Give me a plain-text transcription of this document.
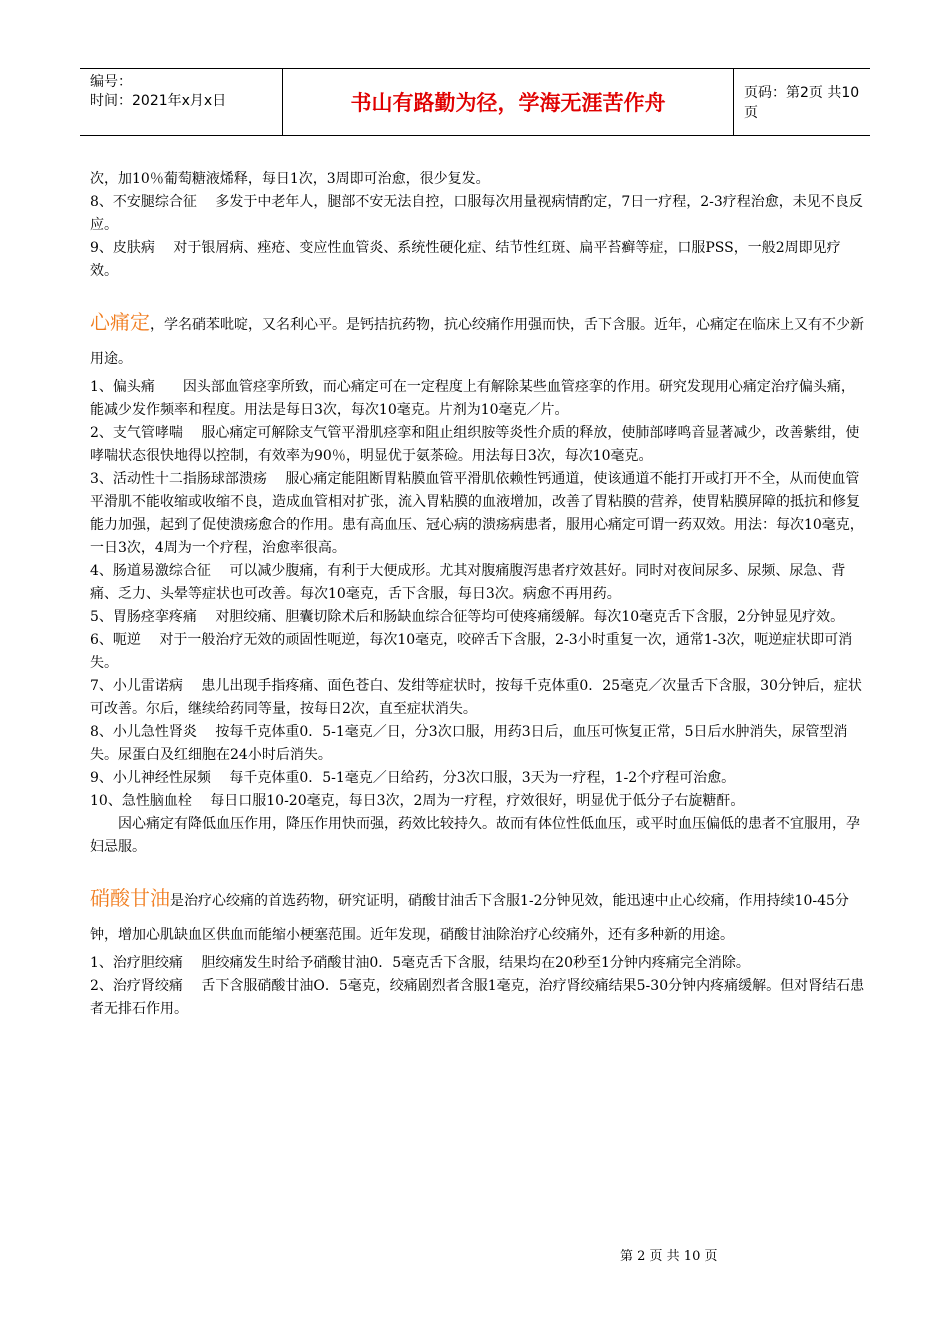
编号：
时间：2021年x月x日	书山有路勤为径，学海无涯苦作舟	页码：第2页 共10页

次，加10％葡萄糖液烯释，每日1次，3周即可治愈，很少复发。

8、不安腿综合征　 多发于中老年人，腿部不安无法自控，口服每次用量视病情酌定，7日一疗程，2-3疗程治愈，未见不良反应。

9、皮肤病　 对于银屑病、痤疮、变应性血管炎、系统性硬化症、结节性红斑、扁平苔癣等症，口服PSS，一般2周即见疗效。

心痛定，学名硝苯吡啶，又名利心平。是钙拮抗药物，抗心绞痛作用强而快，舌下含服。近年，心痛定在临床上又有不少新用途。

1、偏头痛　　因头部血管痉挛所致，而心痛定可在一定程度上有解除某些血管痉挛的作用。研究发现用心痛定治疗偏头痛，能减少发作频率和程度。用法是每日3次，每次10毫克。片剂为10毫克／片。

2、支气管哮喘　 服心痛定可解除支气管平滑肌痉挛和阻止组织胺等炎性介质的释放，使肺部哮鸣音显著减少，改善紫绀，使哮喘状态很快地得以控制，有效率为90％，明显优于氨茶硷。用法每日3次，每次10毫克。

3、活动性十二指肠球部溃疡　 服心痛定能阻断胃粘膜血管平滑肌依赖性钙通道，使该通道不能打开或打开不全，从而使血管平滑肌不能收缩或收缩不良，造成血管相对扩张，流入胃粘膜的血液增加，改善了胃粘膜的营养，使胃粘膜屏障的抵抗和修复能力加强，起到了促使溃疡愈合的作用。患有高血压、冠心病的溃疡病患者，服用心痛定可谓一药双效。用法：每次10毫克，一日3次，4周为一个疗程，治愈率很高。

4、肠道易激综合征　 可以减少腹痛，有利于大便成形。尤其对腹痛腹泻患者疗效甚好。同时对夜间尿多、尿频、尿急、背痛、乏力、头晕等症状也可改善。每次10毫克，舌下含服，每日3次。病愈不再用药。

5、胃肠痉挛疼痛　 对胆绞痛、胆囊切除术后和肠缺血综合征等均可使疼痛缓解。每次10毫克舌下含服，2分钟显见疗效。

6、呃逆　 对于一般治疗无效的顽固性呃逆，每次10毫克，咬碎舌下含服，2-3小时重复一次，通常1-3次，呃逆症状即可消失。

7、小儿雷诺病　 患儿出现手指疼痛、面色苍白、发绀等症状时，按每千克体重0．25毫克／次量舌下含服，30分钟后，症状可改善。尔后，继续给药同等量，按每日2次，直至症状消失。

8、小儿急性肾炎　 按每千克体重0．5-1毫克／日，分3次口服，用药3日后，血压可恢复正常，5日后水肿消失，尿管型消失。尿蛋白及红细胞在24小时后消失。

9、小儿神经性尿频　 每千克体重0．5-1毫克／日给药，分3次口服，3天为一疗程，1-2个疗程可治愈。

10、急性脑血栓　 每日口服10-20毫克，每日3次，2周为一疗程，疗效很好，明显优于低分子右旋糖酐。

因心痛定有降低血压作用，降压作用快而强，药效比较持久。故而有体位性低血压，或平时血压偏低的患者不宜服用，孕妇忌服。

硝酸甘油是治疗心绞痛的首选药物，研究证明，硝酸甘油舌下含服1-2分钟见效，能迅速中止心绞痛，作用持续10-45分钟，增加心肌缺血区供血而能缩小梗塞范围。近年发现，硝酸甘油除治疗心绞痛外，还有多种新的用途。

1、治疗胆绞痛　 胆绞痛发生时给予硝酸甘油0．5毫克舌下含服，结果均在20秒至1分钟内疼痛完全消除。

2、治疗肾绞痛　 舌下含服硝酸甘油O．5毫克，绞痛剧烈者含服1毫克，治疗肾绞痛结果5-30分钟内疼痛缓解。但对肾结石患者无排石作用。

第 2 页 共 10 页
